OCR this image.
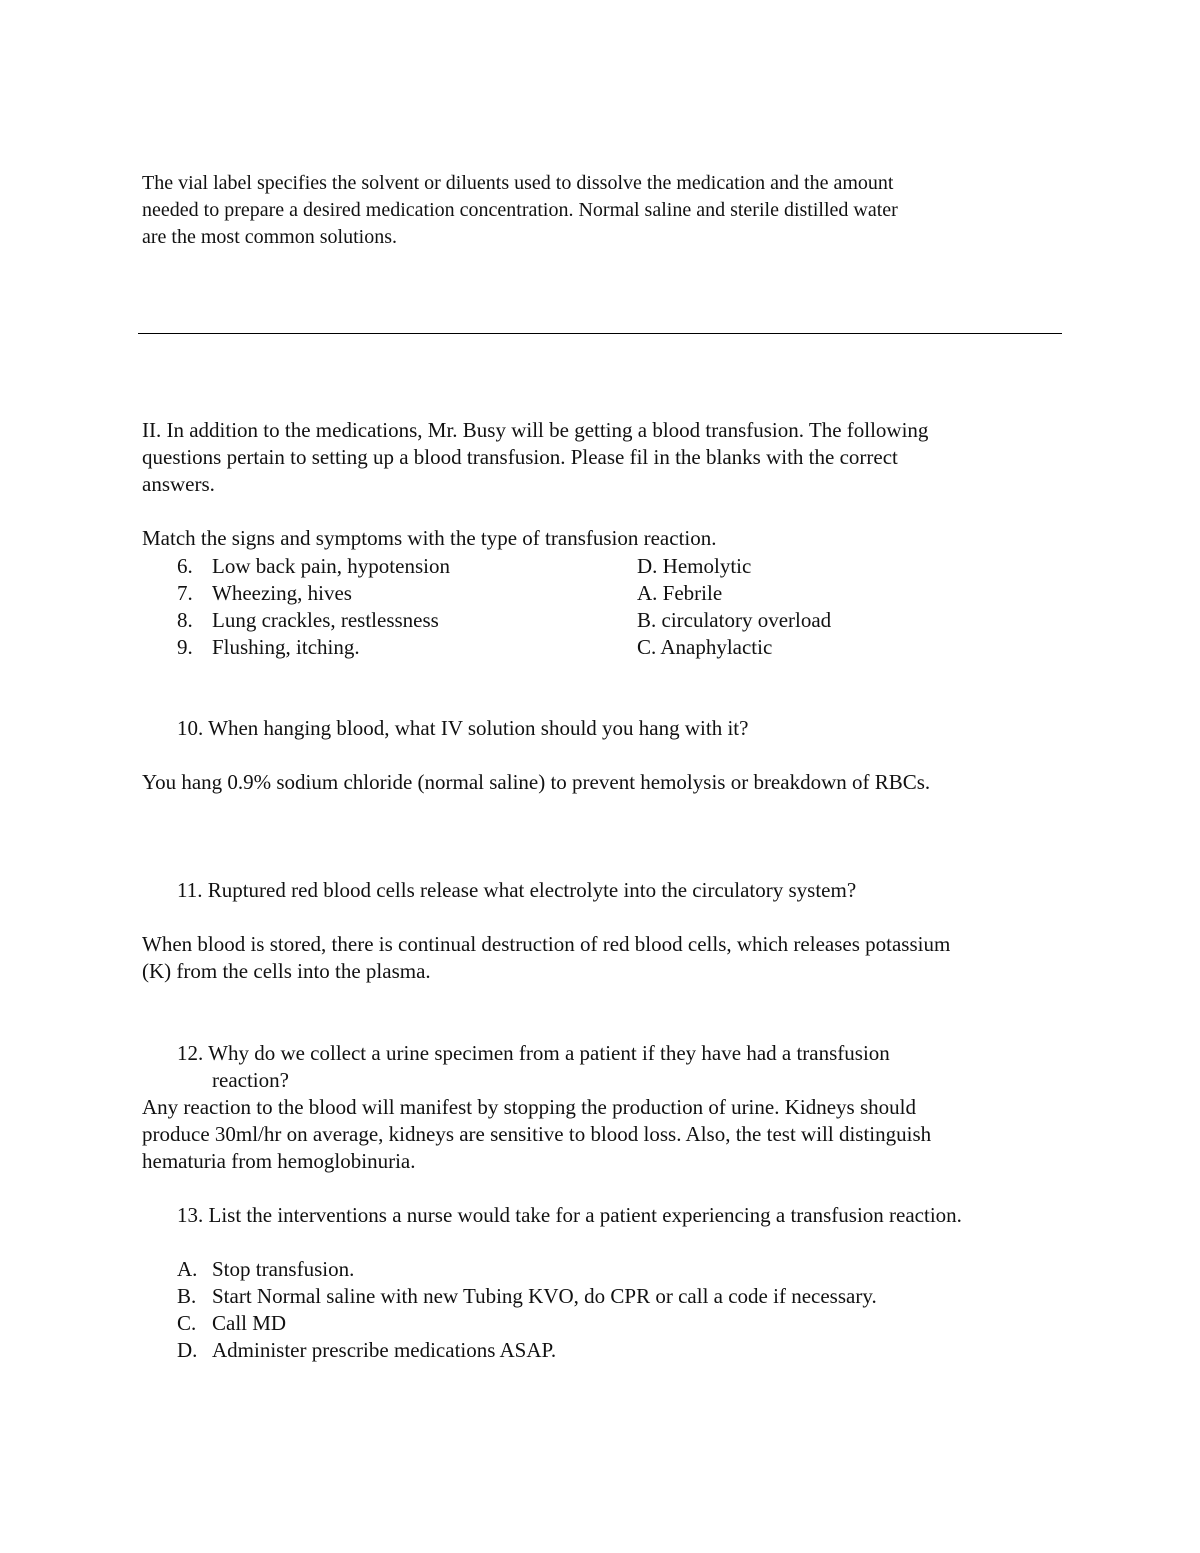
The vial label specifies the solvent or diluents used to dissolve the medication and the amount
needed to prepare a desired medication concentration. Normal saline and sterile distilled water
are the most common solutions.

II. In addition to the medications, Mr. Busy will be getting a blood transfusion. The following
questions pertain to setting up a blood transfusion. Please fil in the blanks with the correct
answers.

Match the signs and symptoms with the type of transfusion reaction.
6. Low back pain, hypotension	D. Hemolytic
7. Wheezing, hives	A. Febrile
8. Lung crackles, restlessness	B. circulatory overload
9. Flushing, itching.	C. Anaphylactic
10. When hanging blood, what IV solution should you hang with it?
You hang 0.9% sodium chloride (normal saline) to prevent hemolysis or breakdown of RBCs.
11. Ruptured red blood cells release what electrolyte into the circulatory system?

When blood is stored, there is continual destruction of red blood cells, which releases potassium
(K) from the cells into the plasma.

12. Why do we collect a urine specimen from a patient if they have had a transfusion
reaction?

Any reaction to the blood will manifest by stopping the production of urine. Kidneys should
produce 30ml/hr on average, kidneys are sensitive to blood loss. Also, the test will distinguish
hematuria from hemoglobinuria.

13. List the interventions a nurse would take for a patient experiencing a transfusion reaction.
A. Stop transfusion.
B. Start Normal saline with new Tubing KVO, do CPR or call a code if necessary.
C. Call MD
D. Administer prescribe medications ASAP.
